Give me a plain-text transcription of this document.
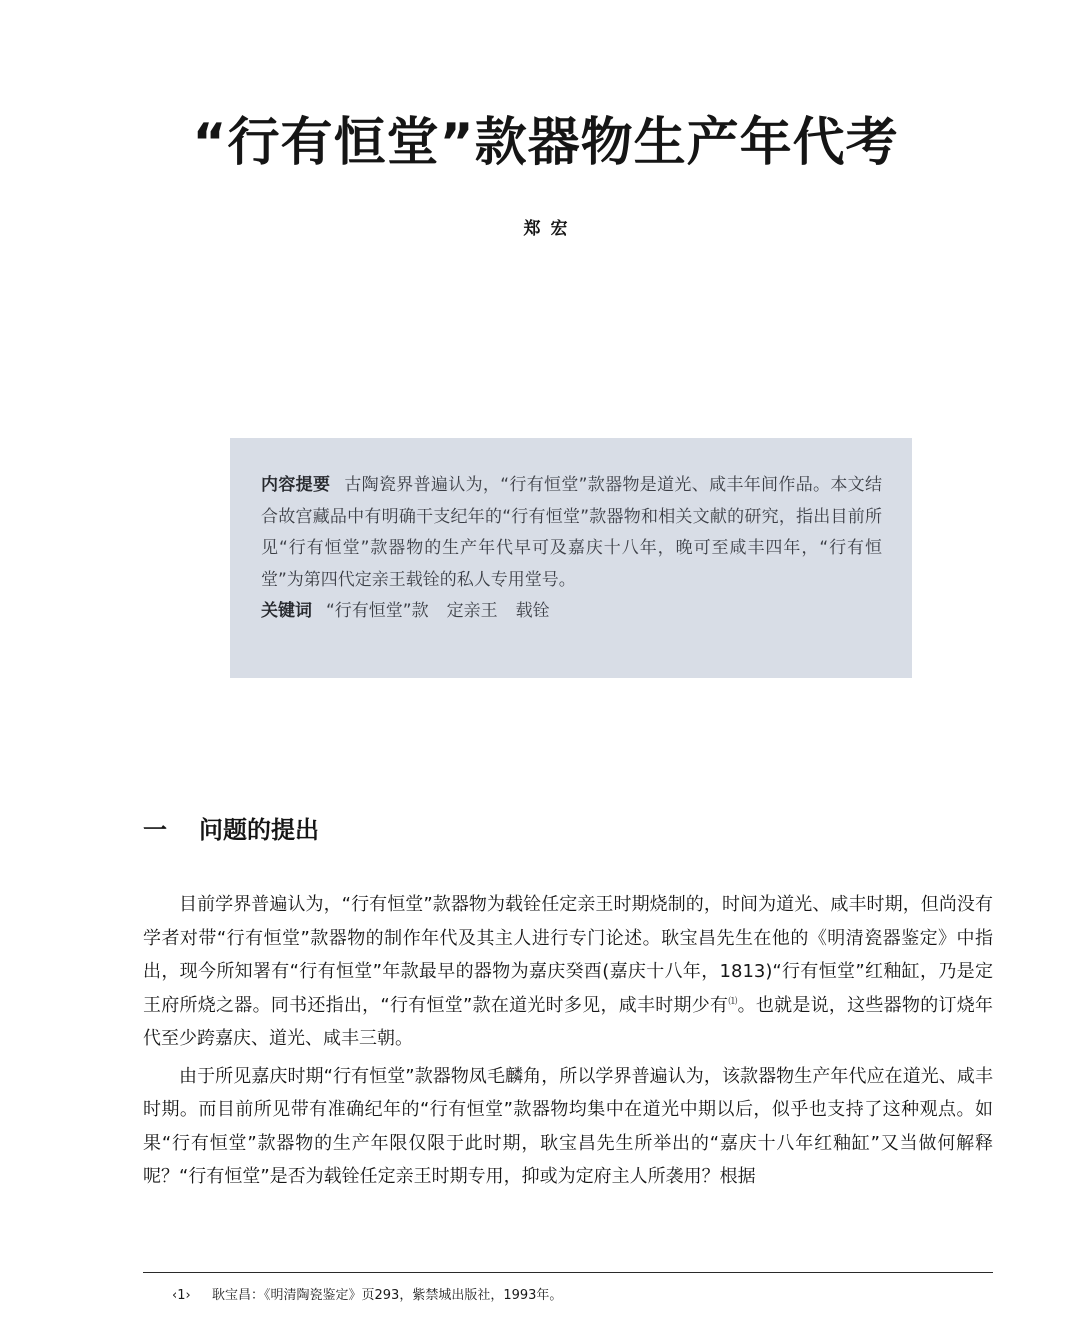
“行有恒堂”款器物生产年代考
郑宏

内容提要 古陶瓷界普遍认为，“行有恒堂”款器物是道光、咸丰年间作品。本文结合故宫藏品中有明确干支纪年的“行有恒堂”款器物和相关文献的研究，指出目前所见“行有恒堂”款器物的生产年代早可及嘉庆十八年，晚可至咸丰四年，“行有恒堂”为第四代定亲王载铨的私人专用堂号。

关键词 “行有恒堂”款 定亲王 载铨

一 问题的提出

目前学界普遍认为，“行有恒堂”款器物为载铨任定亲王时期烧制的，时间为道光、咸丰时期，但尚没有学者对带“行有恒堂”款器物的制作年代及其主人进行专门论述。耿宝昌先生在他的《明清瓷器鉴定》中指出，现今所知署有“行有恒堂”年款最早的器物为嘉庆癸酉(嘉庆十八年，1813)“行有恒堂”红釉缸，乃是定王府所烧之器。同书还指出，“行有恒堂”款在道光时多见，咸丰时期少有⑴。也就是说，这些器物的订烧年代至少跨嘉庆、道光、咸丰三朝。

由于所见嘉庆时期“行有恒堂”款器物凤毛麟角，所以学界普遍认为，该款器物生产年代应在道光、咸丰时期。而目前所见带有准确纪年的“行有恒堂”款器物均集中在道光中期以后，似乎也支持了这种观点。如果“行有恒堂”款器物的生产年限仅限于此时期，耿宝昌先生所举出的“嘉庆十八年红釉缸”又当做何解释呢？“行有恒堂”是否为载铨任定亲王时期专用，抑或为定府主人所袭用？根据

‹1› 耿宝昌：《明清陶瓷鉴定》页293，紫禁城出版社，1993年。
